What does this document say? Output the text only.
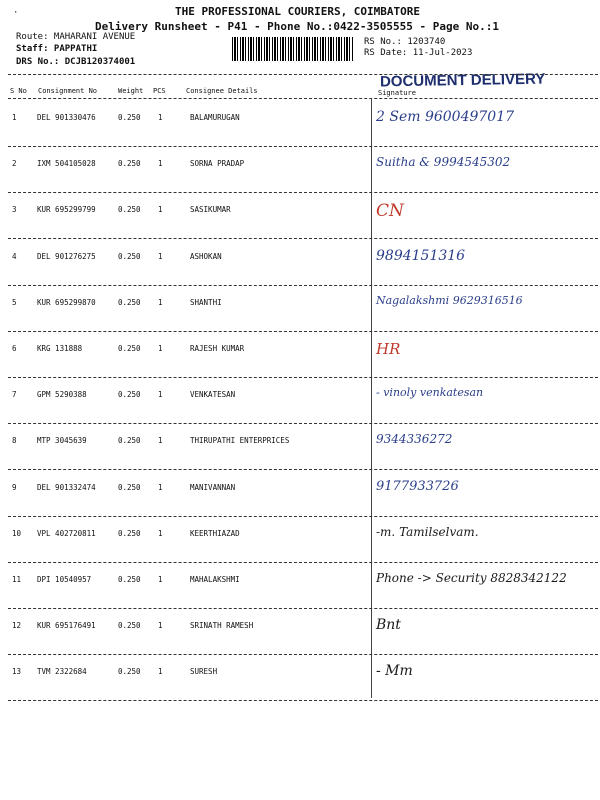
·	THE PROFESSIONAL COURIERS, COIMBATORE
Delivery Runsheet - P41 - Phone No.:0422-3505555 - Page No.:1
Route: MAHARANI AVENUE
Staff: PAPPATHI
DRS No.: DCJB120374001
RS No.: 1203740
RS Date: 11-Jul-2023
DOCUMENT DELIVERY
S No Consignment No	Weight PCS	Consignee Details	Signature
1	DEL 901330476	0.250 1	BALAMURUGAN	2 Sem 9600497017
2	IXM 504105028	0.250 1	SORNA PRADAP	Suitha & 9994545302
3	KUR 695299799	0.250 1	SASIKUMAR	CN
4	DEL 901276275	0.250 1	ASHOKAN	9894151316
5	KUR 695299870	0.250 1	SHANTHI	Nagalakshmi 9629316516
6	KRG 131888	0.250 1	RAJESH KUMAR	HR
7	GPM 5290388	0.250 1	VENKATESAN	- vinoly venkatesan
8	MTP 3045639	0.250 1	THIRUPATHI ENTERPRICES	9344336272
9	DEL 901332474	0.250 1	MANIVANNAN	9177933726
10 VPL 402720811	0.250 1	KEERTHIAZAD	-m. Tamilselvam.
11 DPI 10540957	0.250 1	MAHALAKSHMI	Phone -> Security 8828342122
12 KUR 695176491	0.250 1	SRINATH RAMESH	Bnt
13 TVM 2322684	0.250 1	SURESH	- Mm
